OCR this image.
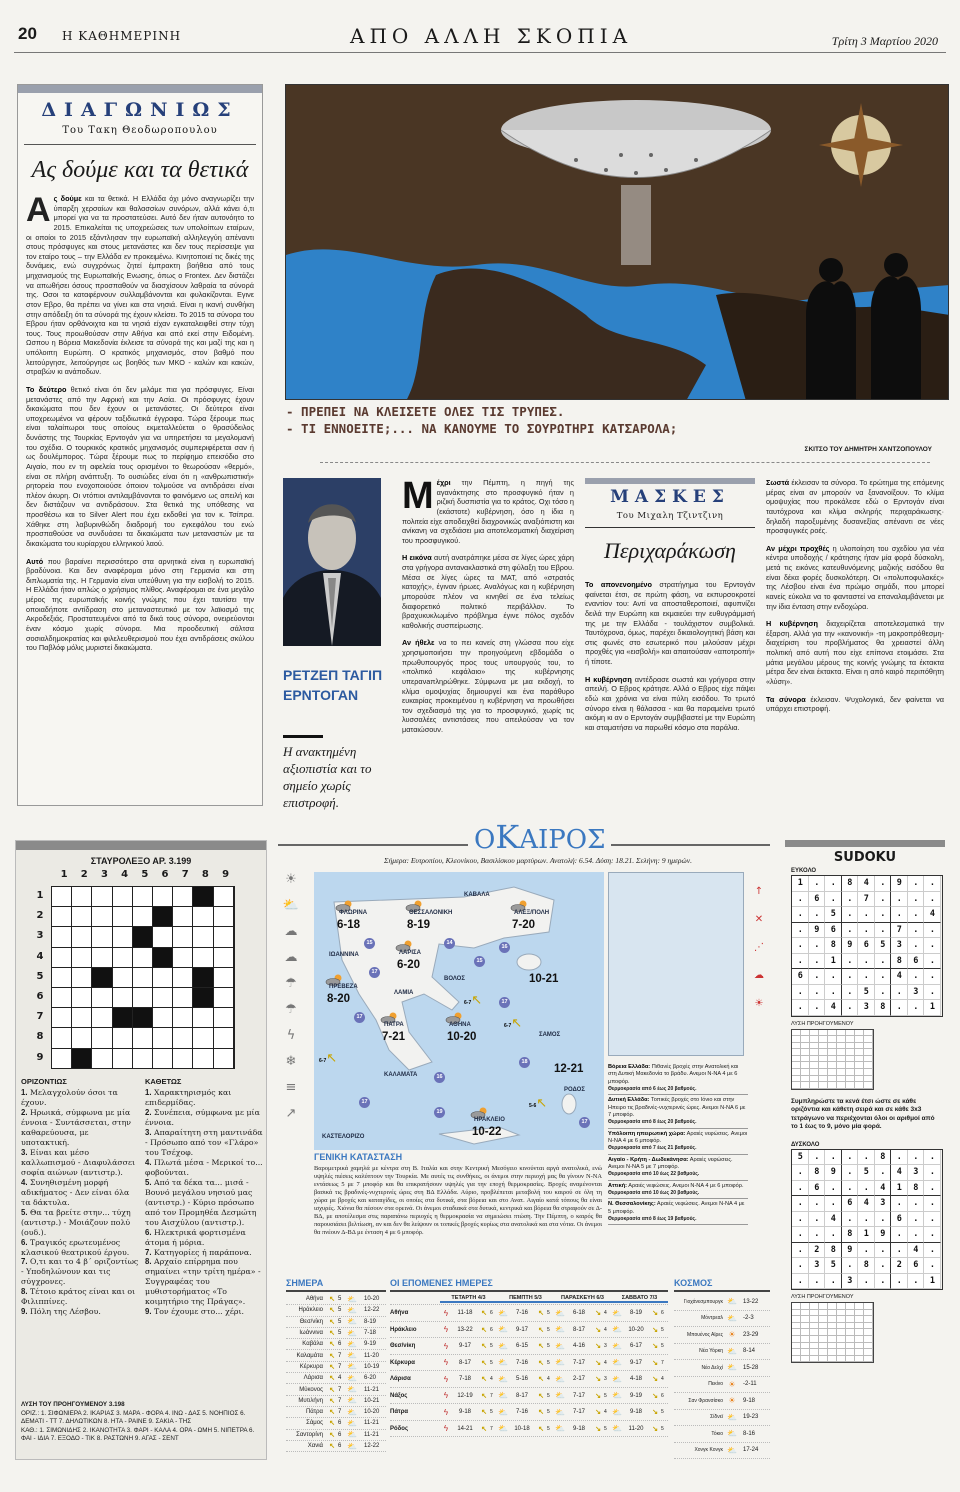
20 Η ΚΑΘΗΜΕΡΙΝΗ	ΑΠΟ ΑΛΛΗ ΣΚΟΠΙΑ	Τρίτη 3 Μαρτίου 2020
ΔΙΑΓΩΝΙΩΣ
Του Τακη Θεοδωροπουλου
Ας δούμε και τα θετικά

Ας δούμε και τα θετικά. Η Ελλάδα όχι μόνο αναγνωρίζει την ύπαρξη χερσαίων και θαλασσίων συνόρων, αλλά κάνει ό,τι μπορεί για να τα προστατεύσει. Αυτό δεν ήταν αυτονόητο το 2015. Επικαλείται τις υποχρεώσεις των υπολοίπων εταίρων, οι οποίοι το 2015 εξάντλησαν την ευρωπαϊκή αλληλεγγύη απέναντι στους πρόσφυγες και στους μετανάστες και δεν τους περίσσεψε για τον εταίρο τους – την Ελλάδα εν προκειμένω. Κινητοποιεί τις δικές της δυνάμεις, ενώ συγχρόνως ζητεί έμπρακτη βοήθεια από τους μηχανισμούς της Ευρωπαϊκής Ενωσης, όπως ο Frontex. Δεν διστάζει να απωθήσει όσους προσπαθούν να διασχίσουν λαθραία τα σύνορά της. Οσοι τα καταφέρνουν συλλαμβάνονται και φυλακίζονται. Εγινε στον Εβρο, θα πρέπει να γίνει και στα νησιά. Είναι η ικανή συνθήκη στην απόδειξη ότι τα σύνορά της έχουν κλείσει. Το 2015 τα σύνορα του Εβρου ήταν ορθάνοιχτα και τα νησιά είχαν εγκαταλειφθεί στην τύχη τους. Τους προωθούσαν στην Αθήνα και από εκεί στην Ειδομένη. Ωσπου η Βόρεια Μακεδονία έκλεισε τα σύνορά της και μαζί της και η υπόλοιπη Ευρώπη. Ο κρατικός μηχανισμός, στον βαθμό που λειτούργησε, λειτούργησε ως βοηθός των ΜΚΟ - καλών και κακών, στραβών κι ανάποδων.

Το δεύτερο θετικό είναι ότι δεν μιλάμε πια για πρόσφυγες. Είναι μετανάστες από την Αφρική και την Ασία. Οι πρόσφυγες έχουν δικαιώματα που δεν έχουν οι μετανάστες. Οι δεύτεροι είναι υποχρεωμένοι να φέρουν ταξιδιωτικά έγγραφα. Τώρα ξέρουμε πως είναι ταλαίπωροι τους οποίους εκμεταλλεύεται ο θρασύδειλος δυνάστης της Τουρκίας Ερντογάν για να υπηρετήσει τα μεγαλομανή του σχέδια. Ο τουρκικός κρατικός μηχανισμός συμπεριφέρεται σαν ή ως δουλέμπορος. Τώρα ξέρουμε πως το περίφημο επεισόδιο στο Αιγαίο, που εν τη αφελεία τους ορισμένοι το θεωρούσαν «θερμό», είναι σε πλήρη ανάπτυξη. Το ουσιώδες είναι ότι η «ανθρωπιστική» ρητορεία που ενοχοποιούσε όποιον τολμούσε να αντιδράσει είναι πλέον άκυρη. Οι ντόπιοι αντιλαμβάνονται το φαινόμενο ως απειλή και δεν διστάζουν να αντιδράσουν. Στα θετικά της υπόθεσης να προσθέσω και το Silver Alert που έχει εκδοθεί για τον κ. Τσίπρα. Χάθηκε στη λαβυρινθώδη διαδρομή του εγκεφάλου του ενώ προσπαθούσε να συνδυάσει τα δικαιώματα των μεταναστών με τα δικαιώματα του κυρίαρχου ελληνικού λαού.

Αυτό που βαραίνει περισσότερο στα αρνητικά είναι η ευρωπαϊκή βραδύνοια. Και δεν αναφέρομαι μόνο στη Γερμανία και στη διπλωματία της. Η Γερμανία είναι υπεύθυνη για την εισβολή το 2015. Η Ελλάδα ήταν απλώς ο χρήσιμος πλίθος. Αναφέρομαι σε ένα μεγάλο μέρος της ευρωπαϊκής κοινής γνώμης που έχει ταυτίσει την οποιαδήποτε αντίδραση στο μεταναστευτικό με τον λαϊκισμό της Ακροδεξιάς. Προστατευμένοι από τα δικά τους σύνορα, ονειρεύονται έναν κόσμο χωρίς σύνορα. Μια προοδευτική σάλτσα σοσιαλδημοκρατίας και φιλελευθερισμού που έχει αντιδράσεις σκύλου του Παβλόφ μόλις μυριστεί δικαιώματα.

- ΠΡΕΠΕΙ ΝΑ ΚΛΕΙΣΕΤΕ ΟΛΕΣ ΤΙΣ ΤΡΥΠΕΣ.
- ΤΙ ΕΝΝΟΕΙΤΕ;... ΝΑ ΚΑΝΟΥΜΕ ΤΟ ΣΟΥΡΩΤΗΡΙ ΚΑΤΣΑΡΟΛΑ;
ΣΚΙΤΣΟ ΤΟΥ ΔΗΜΗΤΡΗ ΧΑΝΤΖΟΠΟΥΛΟΥ
ΡΕΤΖΕΠ ΤΑΓΙΠ
ΕΡΝΤΟΓΑΝ
Η ανακτημένη αξιοπιστία και το σημείο χωρίς επιστροφή.

Μέχρι την Πέμπτη, η πηγή της αγανάκτησης στο προσφυγικό ήταν η ριζική δυσπιστία για το κράτος. Οχι τόσο η (εκάστοτε) κυβέρνηση, όσο η ίδια η πολιτεία είχε αποδειχθεί διαχρονικώς αναξιόπιστη και ανίκανη να σχεδιάσει μια αποτελεσματική διαχείριση του προσφυγικού.

Η εικόνα αυτή ανατράπηκε μέσα σε λίγες ώρες χάρη στα γρήγορα αντανακλαστικά στη φύλαξη του Εβρου. Μέσα σε λίγες ώρες τα ΜΑΤ, από «στρατός κατοχής», έγιναν ήρωες. Αναλόγως και η κυβέρνηση μπορούσε πλέον να κινηθεί σε ένα τελείως διαφορετικό πολιτικό περιβάλλον. Το βραχυκυκλωμένο πρόβλημα έγινε πόλος σχεδόν καθολικής συσπείρωσης.

Αν ήθελε να το πει κανείς στη γλώσσα που είχε χρησιμοποιήσει την προηγούμενη εβδομάδα ο πρωθυπουργός προς τους υπουργούς του, το «πολιτικό κεφάλαιο» της κυβέρνησης υπερανaπληρώθηκε. Σύμφωνα με μια εκδοχή, το κλίμα ομοψυχίας δημιουργεί και ένα παράθυρο ευκαιρίας προκειμένου η κυβέρνηση να προωθήσει τον σχεδιασμό της για το προσφυγικό, χωρίς τις λυσσαλέες αντιστάσεις που απειλούσαν να τον ματαιώσουν.

ΜΑΣΚΕΣ
Του Μιχαλη Τζιντζινη
Περιχαράκωση

Το απονενοημένο στρατήγημα του Ερντογάν φαίνεται έτσι, σε πρώτη φάση, να εκπυρσοκροτεί εναντίον του: Αντί να αποσταθεροποιεί, αφυπνίζει δειλά την Ευρώπη και εκμαιεύει την ευθυγράμμισή της με την Ελλάδα - τουλάχιστον συμβολικά. Ταυτόχρονα, όμως, παρέχει δικαιολογητική βάση και στις φωνές στο εσωτερικό που μιλούσαν μέχρι προχθές για «εισβολή» και απαιτούσαν «αποτροπή» ή τίποτε.

Η κυβέρνηση αντέδρασε σωστά και γρήγορα στην απειλή. Ο Εβρος κράτησε. Αλλά ο Εβρος είχε πάψει εδώ και χρόνια να είναι πύλη εισόδου. Το τρωτό σύνορο είναι η θάλασσα - και θα παραμείνει τρωτό ακόμη κι αν ο Ερντογάν συμβιβαστεί με την Ευρώπη και σταματήσει να παρωθεί κόσμο στα παράλια.

Σωστά έκλεισαν τα σύνορα. Το ερώτημα της επόμενης μέρας είναι αν μπορούν να ξανανοίξουν. Το κλίμα ομοψυχίας που προκάλεσε εδώ ο Ερντογάν είναι ταυτόχρονα και κλίμα σκληρής περιχαράκωσης· δηλαδή παροξυμένης δυσανεξίας απέναντι σε νέες προσφυγικές ροές.

Αν μέχρι προχθές η υλοποίηση του σχεδίου για νέα κέντρα υποδοχής / κράτησης ήταν μία φορά δύσκολη, μετά τις εικόνες κατευθυνόμενης μαζικής εισόδου θα είναι δέκα φορές δυσκολότερη. Οι «πολυποφυλακές» της Λέσβου είναι ένα πρώιμο σημάδι, που μπορεί κανείς εύκολα να το φανταστεί να επαναλαμβάνεται με την ίδια ένταση στην ενδοχώρα.

Η κυβέρνηση διαχειρίζεται αποτελεσματικά την έξαρση. Αλλά για την «κανονική» -τη μακροπρόθεσμη- διαχείριση του προβλήματος θα χρειαστεί άλλη πολιτική από αυτή που είχε επίπονα ετοιμάσει. Στα μάτια μεγάλου μέρους της κοινής γνώμης τα έκτακτα μέτρα δεν είναι έκτακτα. Είναι η από καιρό περιπόθητη «λύση».

Τα σύνορα έκλεισαν. Ψυχολογικά, δεν φαίνεται να υπάρχει επιστροφή.

ΣΤΑΥΡΟΛΕΞΟ ΑΡ. 3.199
1	2	3	4	5	6	7	8	9
1
2
3
4
5
6
7
8
9
ΟΡΙΖΟΝΤΙΩΣ
1. Μελαγχολούν όσοι τα έχουν.
2. Ηρωικά, σύμφωνα με μία έννοια - Συντάσσεται, στην καθαρεύουσα, με υποτακτική.
3. Είναι και μέσο καλλωπισμού - Διαφυλάσσει σοφία αιώνων (αντιστρ.).
4. Συνηθισμένη μορφή αδικήματος - Δεν είναι όλα τα δάκτυλα.
5. Θα τα βρείτε στην... τύχη (αντιστρ.) - Μοιάζουν πολύ (ουδ.).
6. Τραγικός ερωτευμένος κλασικού θεατρικού έργου.
7. Ο,τι και το 4 β΄ οριζοντίως - Υποδηλώνουν και τις σύγχρονες.
8. Τέτοιο κράτος είναι και οι Φιλιππίνες.
9. Πόλη της Λέσβου.
ΚΑΘΕΤΩΣ
1. Χαρακτηρισμός και επιδερμίδας.
2. Συνέπεια, σύμφωνα με μία έννοια.
3. Απαραίτητη στη μαντινάδα - Πρόσωπο από τον «Γλάρο» του Τσέχοφ.
4. Πλωτά μέσα - Μερικοί το... φοβούνται.
5. Από τα δέκα τα... μισά - Βουνό μεγάλου νησιού μας (αντιστρ.) - Κύριο πρόσωπο από τον Προμηθέα Δεσμώτη του Αισχύλου (αντιστρ.).
6. Ηλεκτρικά φορτισμένα άτομα ή μόρια.
7. Κατηγορίες ή παράπονα.
8. Αρχαίο επίρρημα που σημαίνει «την τρίτη ημέρα» - Συγγραφέας του μυθιστορήματος «Το κοιμητήριο της Πράγας».
9. Τον έχουμε στο... χέρι.
ΛΥΣΗ ΤΟΥ ΠΡΟΗΓΟΥΜΕΝΟΥ 3.198
ΟΡΙΖ.: 1. ΣΙΦΩΝΙΕΡΑ 2. ΙΚΑΡΙΑΣ 3. ΜΑΡΑ - ΦΟΡΑ 4. ΙΝΩ - ΔΑΣ 5. ΝΟΗΠΙΟΣ 6. ΔΕΜΑΤΙ - ΤΤ 7. ΔΗΛΩΤΙΚΩΝ 8. ΗΤΑ - ΡΑΙΝΕ 9. ΣΑΚΙΑ - ΤΗΣ
ΚΑΘ.: 1. ΣΙΜΩΝΙΔΗΣ 2. ΙΚΑΝΟΤΗΤΑ 3. ΦΑΡΙ - ΚΑΛΑ 4. ΟΡΑ - ΩΜΗ 5. ΝΙΠΕΤΡΑ 6. ΦΑΙ - ΙΔΙΑ 7. ΕΞΟΔΟ - ΤΙΚ 8. ΡΑΣΤΩΝΗ 9. ΑΓΑΣ - ΣΕΝΤ
ΟΚΑΙΡΟΣ
Σήμερα: Ευτροπίου, Κλεονίκου, Βασιλίσκου μαρτύρων. Ανατολή: 6.54. Δύση: 18.21. Σελήνη: 9 ημερών.
☀
⛅
☁
☁
☂
☂
ϟ
❄
≡
↗
ΦΛΩΡΙΝΑ
6-18
ΘΕΣΣΑΛΟΝΙΚΗ
8-19
ΚΑΒΑΛΑ
ΑΛΕΞ/ΠΟΛΗ
7-20
ΙΩΑΝΝΙΝΑ	ΛΑΡΙΣΑ
6-20
ΒΟΛΟΣ
ΠΡΕΒΕΖΑ
8-20	ΛΑΜΙΑ
ΠΑΤΡΑ
7-21
ΑΘΗΝΑ
10-20	ΣΑΜΟΣ
ΚΑΛΑΜΑΤΑ
ΡΟΔΟΣ
ΗΡΑΚΛΕΙΟ
10-22
ΚΑΣΤΕΛΟΡΙΖΟ
10-21
12-21
15	14
16
15
17
17
17
16
18
17
19
17
6-7↖
6-7↖
6-7↖
5-6↖
ΓΕΝΙΚΗ ΚΑΤΑΣΤΑΣΗ
Βαρομετρικά χαμηλά με κέντρα στη Β. Ιταλία και στην Κεντρική Μεσόγειο κινούνται αργά ανατολικά, ενώ υψηλές πιέσεις καλύπτουν την Τουρκία. Με αυτές τις συνθήκες, οι άνεμοι στην περιοχή μας θα γίνουν Ν-ΝΑ εντάσεως 5 με 7 μποφόρ και θα επικρατήσουν υψηλές για την εποχή θερμοκρασίες. Βροχές αναμένονται βασικά τις βραδινές-νυχτερινές ώρες στη ΒΔ Ελλάδα. Αύριο, προβλέπεται μεταβολή του καιρού σε όλη τη χώρα με βροχές και καταιγίδες, οι οποίες στα δυτικά, στα βόρεια και στο Ανατ. Αιγαίο κατά τόπους θα είναι ισχυρές. Χιόνια θα πέσουν στα ορεινά. Οι άνεμοι σταδιακά στα δυτικά, κεντρικά και βόρεια θα στραφούν σε Δ-ΒΔ, με αποτέλεσμα στις παραπάνω περιοχές η θερμοκρασία να σημειώσει πτώση. Την Πέμπτη, ο καιρός θα παρουσιάσει βελτίωση, αν και δεν θα λείψουν οι τοπικές βροχές κυρίως στα ανατολικά και στα νότια. Οι άνεμοι θα πνέουν Δ-ΒΔ με ένταση 4 με 6 μποφόρ.
Βόρεια Ελλάδα: Πιθανές βροχές στην Ανατολική και στη Δυτική Μακεδονία το βράδυ. Ανεμοι Ν-ΝΑ 4 με 6 μποφόρ.
Θερμοκρασία από 6 έως 20 βαθμούς.
Δυτική Ελλάδα: Τοπικές βροχές στο Ιόνιο και στην Ηπειρο τις βραδινές-νυχτερινές ώρες. Ανεμοι Ν-ΝΑ 6 με 7 μποφόρ.
Θερμοκρασία από 8 έως 20 βαθμούς.
Υπόλοιπη ηπειρωτική χώρα: Αραιές νεφώσεις. Ανεμοι Ν-ΝΑ 4 με 6 μποφόρ.
Θερμοκρασία από 7 έως 21 βαθμούς.
Αιγαίο - Κρήτη - Δωδεκάνησα: Αραιές νεφώσεις. Ανεμοι Ν-ΝΑ 5 με 7 μποφόρ.
Θερμοκρασία από 10 έως 22 βαθμούς.
Αττική: Αραιές νεφώσεις. Ανεμοι Ν-ΝΑ 4 με 6 μποφόρ.
Θερμοκρασία από 10 έως 20 βαθμούς.
Ν. Θεσσαλονίκης: Αραιές νεφώσεις. Ανεμοι Ν-ΝΑ 4 με 5 μποφόρ.
Θερμοκρασία από 8 έως 19 βαθμούς.
↑
✕
⋰
☁
☀
ΣΗΜΕΡΑ
Αθήνα ↖ 5 ⛅ 10-20
Ηράκλειο ↖ 5 ⛅ 12-22
Θεσ/νίκη ↖ 5 ⛅ 8-19
Ιωάννινα ↖ 5 ⛅ 7-18
Καβάλα ↖ 6 ⛅ 9-19
Καλαμάτα ↖ 7 ⛅ 11-20
Κέρκυρα ↖ 7 ⛅ 10-19
Λάρισα ↖ 4 ⛅ 6-20
Μύκονος ↖ 7 ⛅ 11-21
Μυτιλήνη ↖ 7 ⛅ 10-21
Πάτρα ↖ 7 ⛅ 10-20
Σάμος ↖ 6 ⛅ 11-21
Σαντορίνη ↖ 6 ⛅ 11-21
Χανιά ↖ 6 ⛅ 12-22
ΟΙ ΕΠΟΜΕΝΕΣ ΗΜΕΡΕΣ
ΤΕΤΑΡΤΗ 4/3	ΠΕΜΠΤΗ 5/3	ΠΑΡΑΣΚΕΥΗ 6/3	ΣΑΒΒΑΤΟ 7/3
Αθήνα	ϟ	11-18	↖ 6 ⛅	7-16	↖ 5 ⛅	6-18	↘ 4 ⛅	8-19	↘ 6
Ηράκλειο	ϟ	13-22	↖ 6 ⛅	9-17	↖ 5 ⛅	8-17	↘ 4 ⛅	10-20	↘ 5
Θεσ/νίκη	ϟ	9-17	↖ 5 ⛅	6-15	↖ 5 ⛅	4-16	↘ 3 ⛅	6-17	↘ 5
Κέρκυρα	ϟ	8-17	↖ 5 ⛅	7-16	↖ 5 ⛅	7-17	↘ 4 ⛅	9-17	↘ 7
Λάρισα	ϟ	7-18	↖ 4 ⛅	5-16	↖ 4 ⛅	2-17	↘ 3 ⛅	4-18	↘ 4
Νάξος	ϟ	12-19	↖ 7 ⛅	8-17	↖ 5 ⛅	7-17	↘ 5 ⛅	9-19	↘ 6
Πάτρα	ϟ	9-18	↖ 5 ⛅	7-16	↖ 5 ⛅	7-17	↘ 4 ⛅	9-18	↘ 5
Ρόδος	ϟ	14-21	↖ 7 ⛅	10-18	↖ 5 ⛅	9-18	↘ 5 ⛅	11-20	↘ 5
ΚΟΣΜΟΣ
Γιοχάνεσμπουργκ ⛅ 13-22
Μόντρεαλ ⛅ -2-3
Μπουένος Αϊρες ☀	23-29
Νέα Υόρκη ⛅ 8-14
Νέο Δελχί ⛅ 15-28
Πεκίνο ☀	-2-11
Σαν Φρανσίσκο ☀	9-18
Σίδνεϊ ⛅ 19-23
Τόκιο ⛅ 8-16
Χονγκ Κονγκ ⛅ 17-24
SUDOKU
ΕΥΚΟΛΟ
1..84.9..
.6..7....
..5.....4
.96...7..
..89653..
..1...86.
6.....4..
....5..3.
..4.38..1
ΛΥΣΗ ΠΡΟΗΓΟΥΜΕΝΟΥ
Συμπληρώστε τα κενά έτσι ώστε σε κάθε οριζόντια και κάθετη σειρά και σε κάθε 3x3 τετράγωνο να περιέχονται όλοι οι αριθμοί από το 1 έως το 9, μόνο μία φορά.
ΔΥΣΚΟΛΟ
5....8...
.89.5.43.
.6...418.
...643...
..4...6..
...819...
.289...4.
.35.8.26.
...3....1
ΛΥΣΗ ΠΡΟΗΓΟΥΜΕΝΟΥ
